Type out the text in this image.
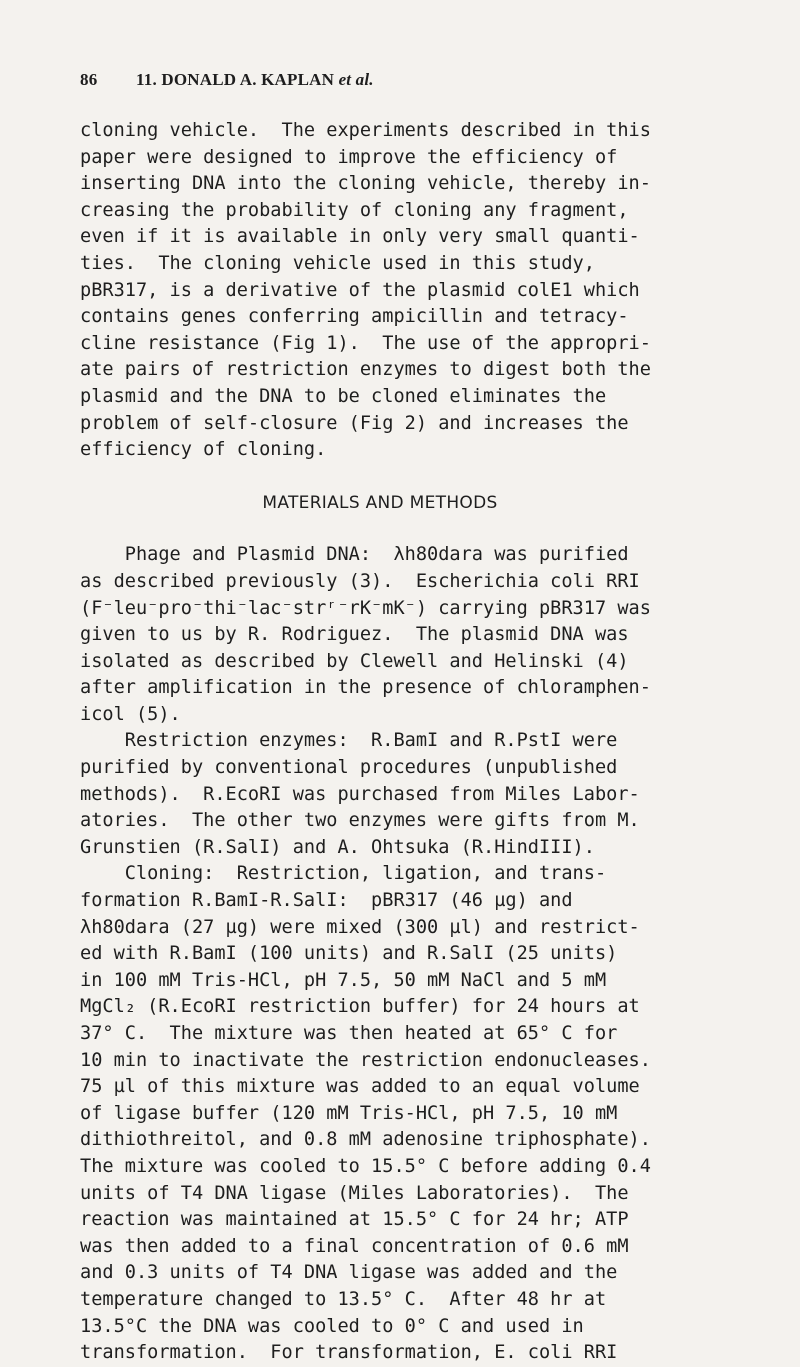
86 11. DONALD A. KAPLAN et al.
cloning vehicle.  The experiments described in this
paper were designed to improve the efficiency of
inserting DNA into the cloning vehicle, thereby in-
creasing the probability of cloning any fragment,
even if it is available in only very small quanti-
ties.  The cloning vehicle used in this study,
pBR317, is a derivative of the plasmid colE1 which
contains genes conferring ampicillin and tetracy-
cline resistance (Fig 1).  The use of the appropri-
ate pairs of restriction enzymes to digest both the
plasmid and the DNA to be cloned eliminates the
problem of self-closure (Fig 2) and increases the
efficiency of cloning.
MATERIALS AND METHODS
Phage and Plasmid DNA:  λh80dara was purified
as described previously (3).  Escherichia coli RRI
(F⁻leu⁻pro⁻thi⁻lac⁻strʳ⁻rK⁻mK⁻) carrying pBR317 was
given to us by R. Rodriguez.  The plasmid DNA was
isolated as described by Clewell and Helinski (4)
after amplification in the presence of chloramphen-
icol (5).
Restriction enzymes:  R.BamI and R.PstI were
purified by conventional procedures (unpublished
methods).  R.EcoRI was purchased from Miles Labor-
atories.  The other two enzymes were gifts from M.
Grunstien (R.SalI) and A. Ohtsuka (R.HindIII).
Cloning:  Restriction, ligation, and trans-
formation R.BamI-R.SalI:  pBR317 (46 µg) and
λh80dara (27 µg) were mixed (300 µl) and restrict-
ed with R.BamI (100 units) and R.SalI (25 units)
in 100 mM Tris-HCl, pH 7.5, 50 mM NaCl and 5 mM
MgCl₂ (R.EcoRI restriction buffer) for 24 hours at
37° C.  The mixture was then heated at 65° C for
10 min to inactivate the restriction endonucleases.
75 µl of this mixture was added to an equal volume
of ligase buffer (120 mM Tris-HCl, pH 7.5, 10 mM
dithiothreitol, and 0.8 mM adenosine triphosphate).
The mixture was cooled to 15.5° C before adding 0.4
units of T4 DNA ligase (Miles Laboratories).  The
reaction was maintained at 15.5° C for 24 hr; ATP
was then added to a final concentration of 0.6 mM
and 0.3 units of T4 DNA ligase was added and the
temperature changed to 13.5° C.  After 48 hr at
13.5°C the DNA was cooled to 0° C and used in
transformation.  For transformation, E. coli RRI
